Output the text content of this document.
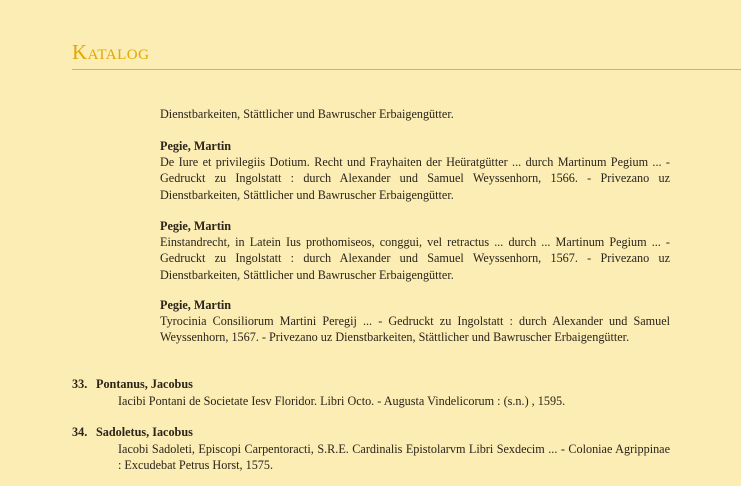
Katalog
Dienstbarkeiten, Stättlicher und Bawruscher Erbaigengütter.
Pegie, Martin
De Iure et privilegiis Dotium. Recht und Frayhaiten der Heüratgütter ... durch Martinum Pegium ... - Gedruckt zu Ingolstatt : durch Alexander und Samuel Weyssenhorn, 1566. - Privezano uz Dienstbarkeiten, Stättlicher und Bawruscher Erbaigengütter.
Pegie, Martin
Einstandrecht, in Latein Ius prothomiseos, conggui, vel retractus ... durch ... Martinum Pegium ... - Gedruckt zu Ingolstatt : durch Alexander und Samuel Weyssenhorn, 1567. - Privezano uz Dienstbarkeiten, Stättlicher und Bawruscher Erbaigengütter.
Pegie, Martin
Tyrocinia Consiliorum Martini Peregij ... - Gedruckt zu Ingolstatt : durch Alexander und Samuel Weyssenhorn, 1567. - Privezano uz Dienstbarkeiten, Stättlicher und Bawruscher Erbaigengütter.
33. Pontanus, Jacobus
Iacibi Pontani de Societate Iesv Floridor. Libri Octo. - Augusta Vindelicorum : (s.n.) , 1595.
34. Sadoletus, Iacobus
Iacobi Sadoleti, Episcopi Carpentoracti, S.R.E. Cardinalis Epistolarvm Libri Sexdecim ... - Coloniae Agrippinae : Excudebat Petrus Horst, 1575.
